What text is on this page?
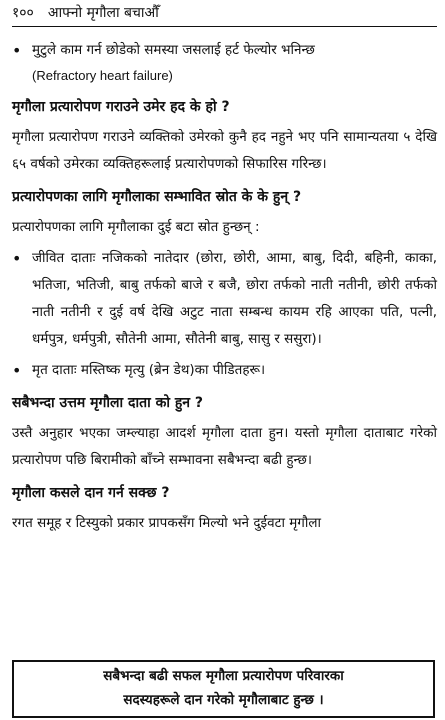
१०० आफ्नो मृगौला बचाऔँ
• मुटुले काम गर्न छोडेको समस्या जसलाई हर्ट फेल्योर भनिन्छ
(Refractory heart failure)
मृगौला प्रत्यारोपण गराउने उमेर हद के हो ?

मृगौला प्रत्यारोपण गराउने व्यक्तिको उमेरको कुनै हद नहुने भए पनि सामान्यतया ५ देखि ६५ वर्षको उमेरका व्यक्तिहरूलाई प्रत्यारोपणको सिफारिस गरिन्छ।

प्रत्यारोपणका लागि मृगौलाका सम्भावित स्रोत के के हुन् ?

प्रत्यारोपणका लागि मृगौलाका दुई बटा स्रोत हुन्छन् :

• जीवित दाताः नजिकको नातेदार (छोरा, छोरी, आमा, बाबु, दिदी, बहिनी, काका, भतिजा, भतिजी, बाबु तर्फको बाजे र बजै, छोरा तर्फको नाती नतीनी, छोरी तर्फको नाती नतीनी र दुई वर्ष देखि अटुट नाता सम्बन्ध कायम रहि आएका पति, पत्नी, धर्मपुत्र, धर्मपुत्री, सौतेनी आमा, सौतेनी बाबु, सासु र ससुरा)।
• मृत दाताः मस्तिष्क मृत्यु (ब्रेन डेथ)का पीडितहरू।
सबैभन्दा उत्तम मृगौला दाता को हुन ?

उस्तै अनुहार भएका जम्ल्याहा आदर्श मृगौला दाता हुन। यस्तो मृगौला दाताबाट गरेको प्रत्यारोपण पछि बिरामीको बाँच्ने सम्भावना सबैभन्दा बढी हुन्छ।

मृगौला कसले दान गर्न सक्छ ?

रगत समूह र टिस्युको प्रकार प्रापकसँग मिल्यो भने दुईवटा मृगौला

सबैभन्दा बढी सफल मृगौला प्रत्यारोपण परिवारका
सदस्यहरूले दान गरेको मृगौलाबाट हुन्छ ।
